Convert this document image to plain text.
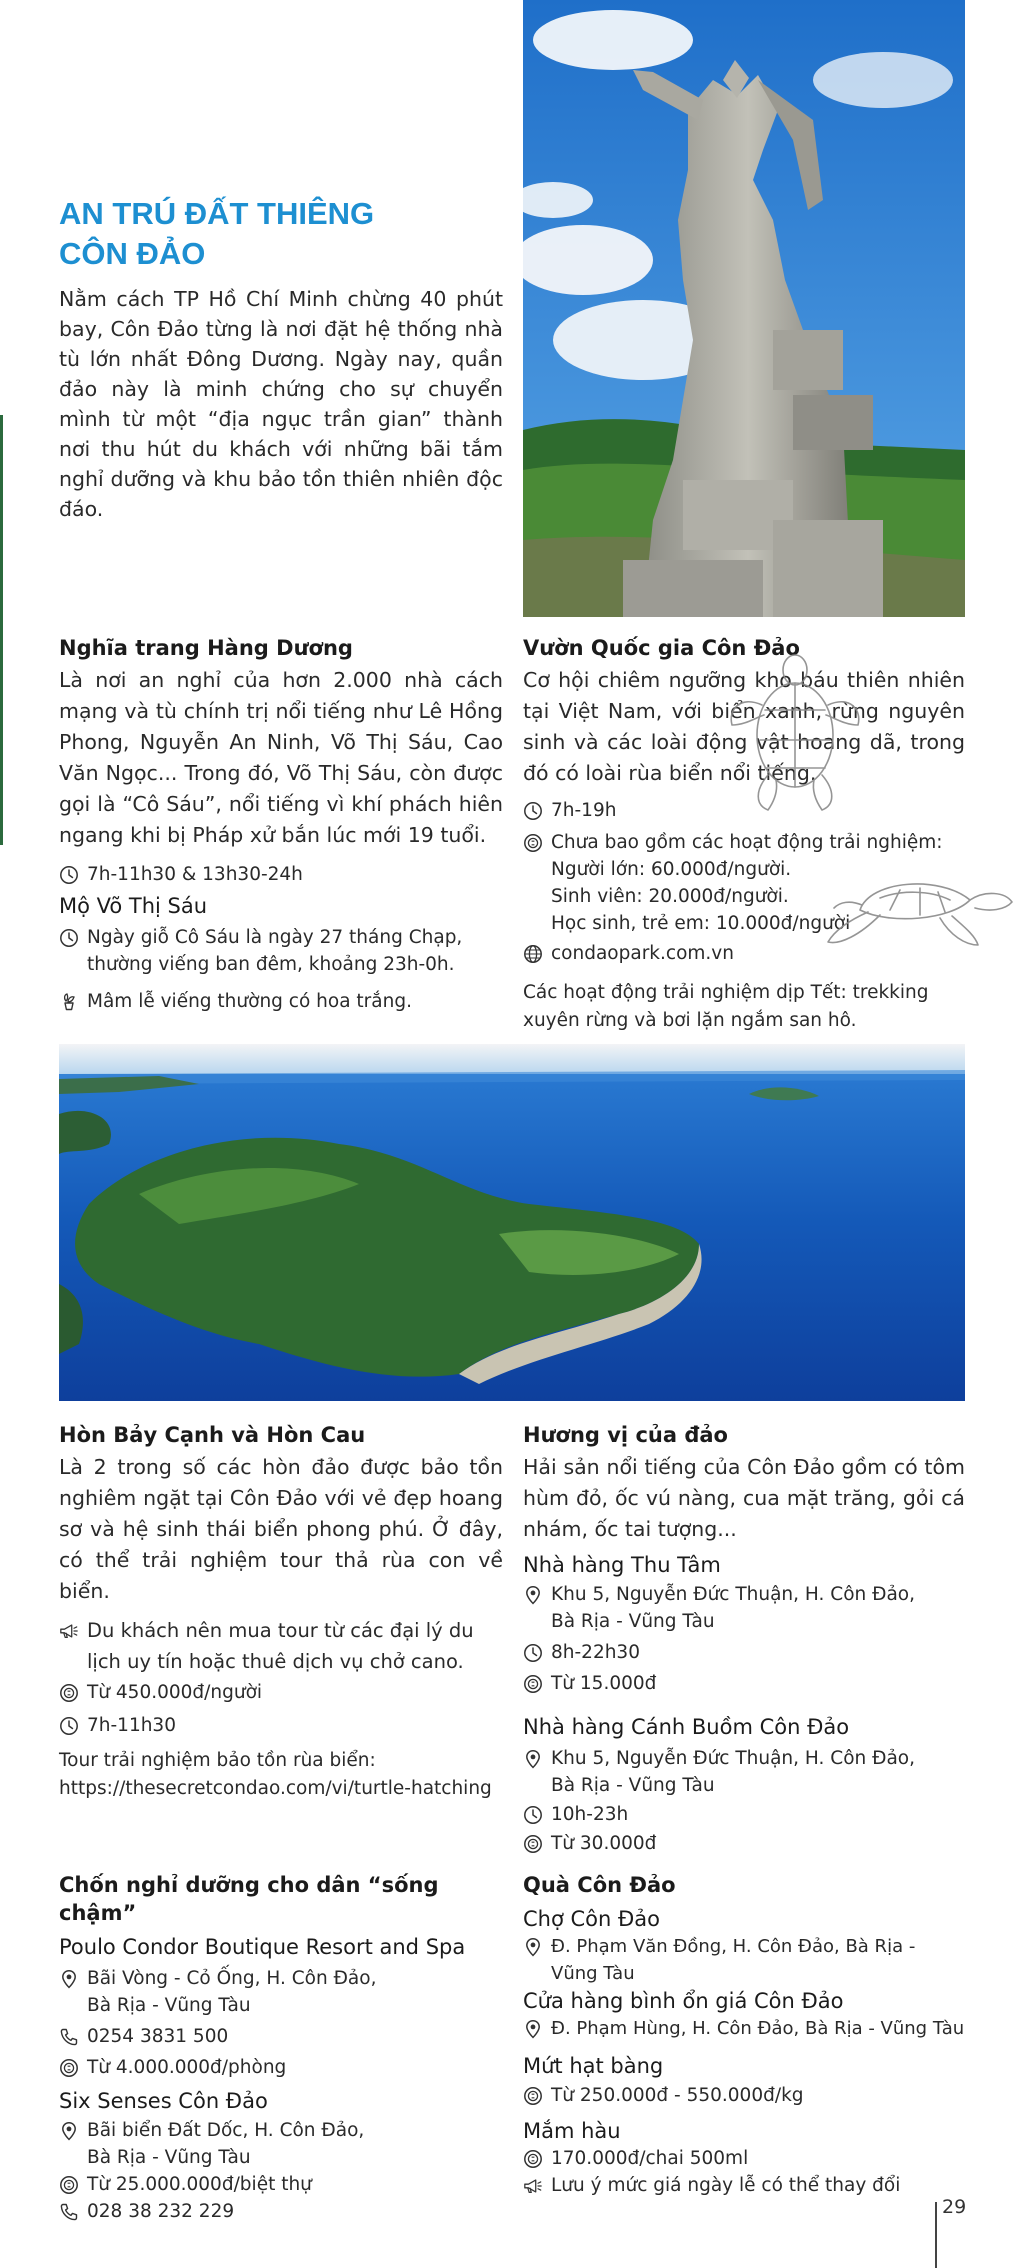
AN TRÚ ĐẤT THIÊNG
CÔN ĐẢO

Nằm cách TP Hồ Chí Minh chừng 40 phút bay, Côn Đảo từng là nơi đặt hệ thống nhà tù lớn nhất Đông Dương. Ngày nay, quần đảo này là minh chứng cho sự chuyển mình từ một “địa ngục trần gian” thành nơi thu hút du khách với những bãi tắm nghỉ dưỡng và khu bảo tồn thiên nhiên độc đáo.

Nghĩa trang Hàng Dương

Là nơi an nghỉ của hơn 2.000 nhà cách mạng và tù chính trị nổi tiếng như Lê Hồng Phong, Nguyễn An Ninh, Võ Thị Sáu, Cao Văn Ngọc... Trong đó, Võ Thị Sáu, còn được gọi là “Cô Sáu”, nổi tiếng vì khí phách hiên ngang khi bị Pháp xử bắn lúc mới 19 tuổi.

7h-11h30 & 13h30-24h
Mộ Võ Thị Sáu
Ngày giỗ Cô Sáu là ngày 27 tháng Chạp,
thường viếng ban đêm, khoảng 23h-0h.
Mâm lễ viếng thường có hoa trắng.
Vườn Quốc gia Côn Đảo

Cơ hội chiêm ngưỡng kho báu thiên nhiên tại Việt Nam, với biển xanh, rừng nguyên sinh và các loài động vật hoang dã, trong đó có loài rùa biển nổi tiếng.

7h-19h
Chưa bao gồm các hoạt động trải nghiệm:
Người lớn: 60.000đ/người.
Sinh viên: 20.000đ/người.
Học sinh, trẻ em: 10.000đ/người
condaopark.com.vn

Các hoạt động trải nghiệm dịp Tết: trekking xuyên rừng và bơi lặn ngắm san hô.

Hòn Bảy Cạnh và Hòn Cau

Là 2 trong số các hòn đảo được bảo tồn nghiêm ngặt tại Côn Đảo với vẻ đẹp hoang sơ và hệ sinh thái biển phong phú. Ở đây, có thể trải nghiệm tour thả rùa con về biển.

Du khách nên mua tour từ các đại lý du
lịch uy tín hoặc thuê dịch vụ chở cano.
Từ 450.000đ/người
7h-11h30

Tour trải nghiệm bảo tồn rùa biển:

https://thesecretcondao.com/vi/turtle-hatching

Hương vị của đảo

Hải sản nổi tiếng của Côn Đảo gồm có tôm hùm đỏ, ốc vú nàng, cua mặt trăng, gỏi cá nhám, ốc tai tượng...

Nhà hàng Thu Tâm
Khu 5, Nguyễn Đức Thuận, H. Côn Đảo,
Bà Rịa - Vũng Tàu
8h-22h30
Từ 15.000đ
Nhà hàng Cánh Buồm Côn Đảo
Khu 5, Nguyễn Đức Thuận, H. Côn Đảo,
Bà Rịa - Vũng Tàu
10h-23h
Từ 30.000đ
Chốn nghỉ dưỡng cho dân “sống chậm”
Poulo Condor Boutique Resort and Spa
Bãi Vòng - Cỏ Ống, H. Côn Đảo,
Bà Rịa - Vũng Tàu
0254 3831 500
Từ 4.000.000đ/phòng
Six Senses Côn Đảo
Bãi biển Đất Dốc, H. Côn Đảo,
Bà Rịa - Vũng Tàu
Từ 25.000.000đ/biệt thự
028 38 232 229
Quà Côn Đảo
Chợ Côn Đảo
Đ. Phạm Văn Đồng, H. Côn Đảo, Bà Rịa - Vũng Tàu
Cửa hàng bình ổn giá Côn Đảo
Đ. Phạm Hùng, H. Côn Đảo, Bà Rịa - Vũng Tàu
Mứt hạt bàng
Từ 250.000đ - 550.000đ/kg
Mắm hàu
170.000đ/chai 500ml
Lưu ý mức giá ngày lễ có thể thay đổi
29
